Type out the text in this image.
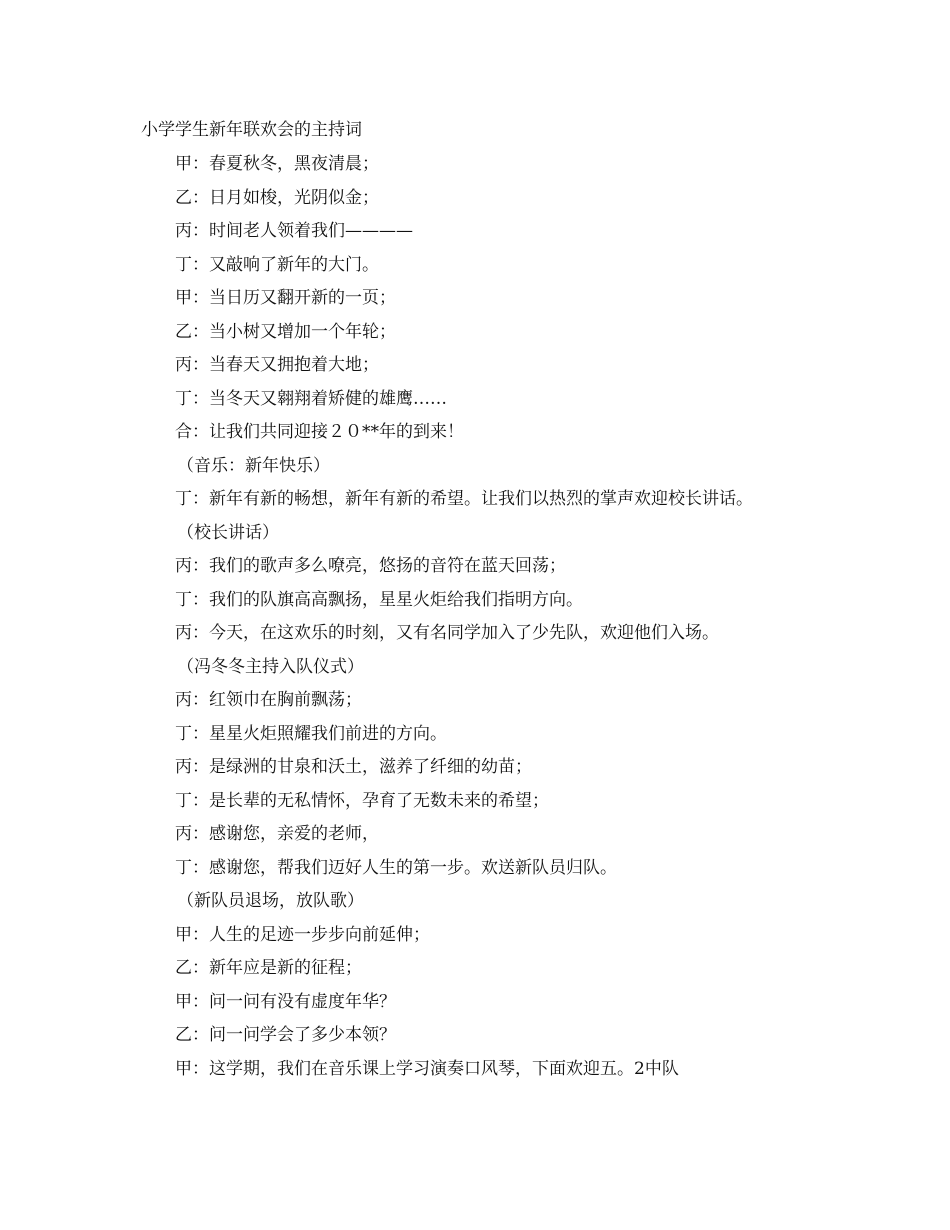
小学学生新年联欢会的主持词
甲：春夏秋冬，黑夜清晨；
乙：日月如梭，光阴似金；
丙：时间老人领着我们————
丁：又敲响了新年的大门。
甲：当日历又翻开新的一页；
乙：当小树又增加一个年轮；
丙：当春天又拥抱着大地；
丁：当冬天又翱翔着矫健的雄鹰……
合：让我们共同迎接２０**年的到来！
（音乐：新年快乐）
丁：新年有新的畅想，新年有新的希望。让我们以热烈的掌声欢迎校长讲话。
（校长讲话）
丙：我们的歌声多么嘹亮，悠扬的音符在蓝天回荡；
丁：我们的队旗高高飘扬，星星火炬给我们指明方向。
丙：今天，在这欢乐的时刻，又有名同学加入了少先队，欢迎他们入场。
（冯冬冬主持入队仪式）
丙：红领巾在胸前飘荡；
丁：星星火炬照耀我们前进的方向。
丙：是绿洲的甘泉和沃土，滋养了纤细的幼苗；
丁：是长辈的无私情怀，孕育了无数未来的希望；
丙：感谢您，亲爱的老师，
丁：感谢您，帮我们迈好人生的第一步。欢送新队员归队。
（新队员退场，放队歌）
甲：人生的足迹一步步向前延伸；
乙：新年应是新的征程；
甲：问一问有没有虚度年华？
乙：问一问学会了多少本领？
甲：这学期，我们在音乐课上学习演奏口风琴，下面欢迎五。2中队
